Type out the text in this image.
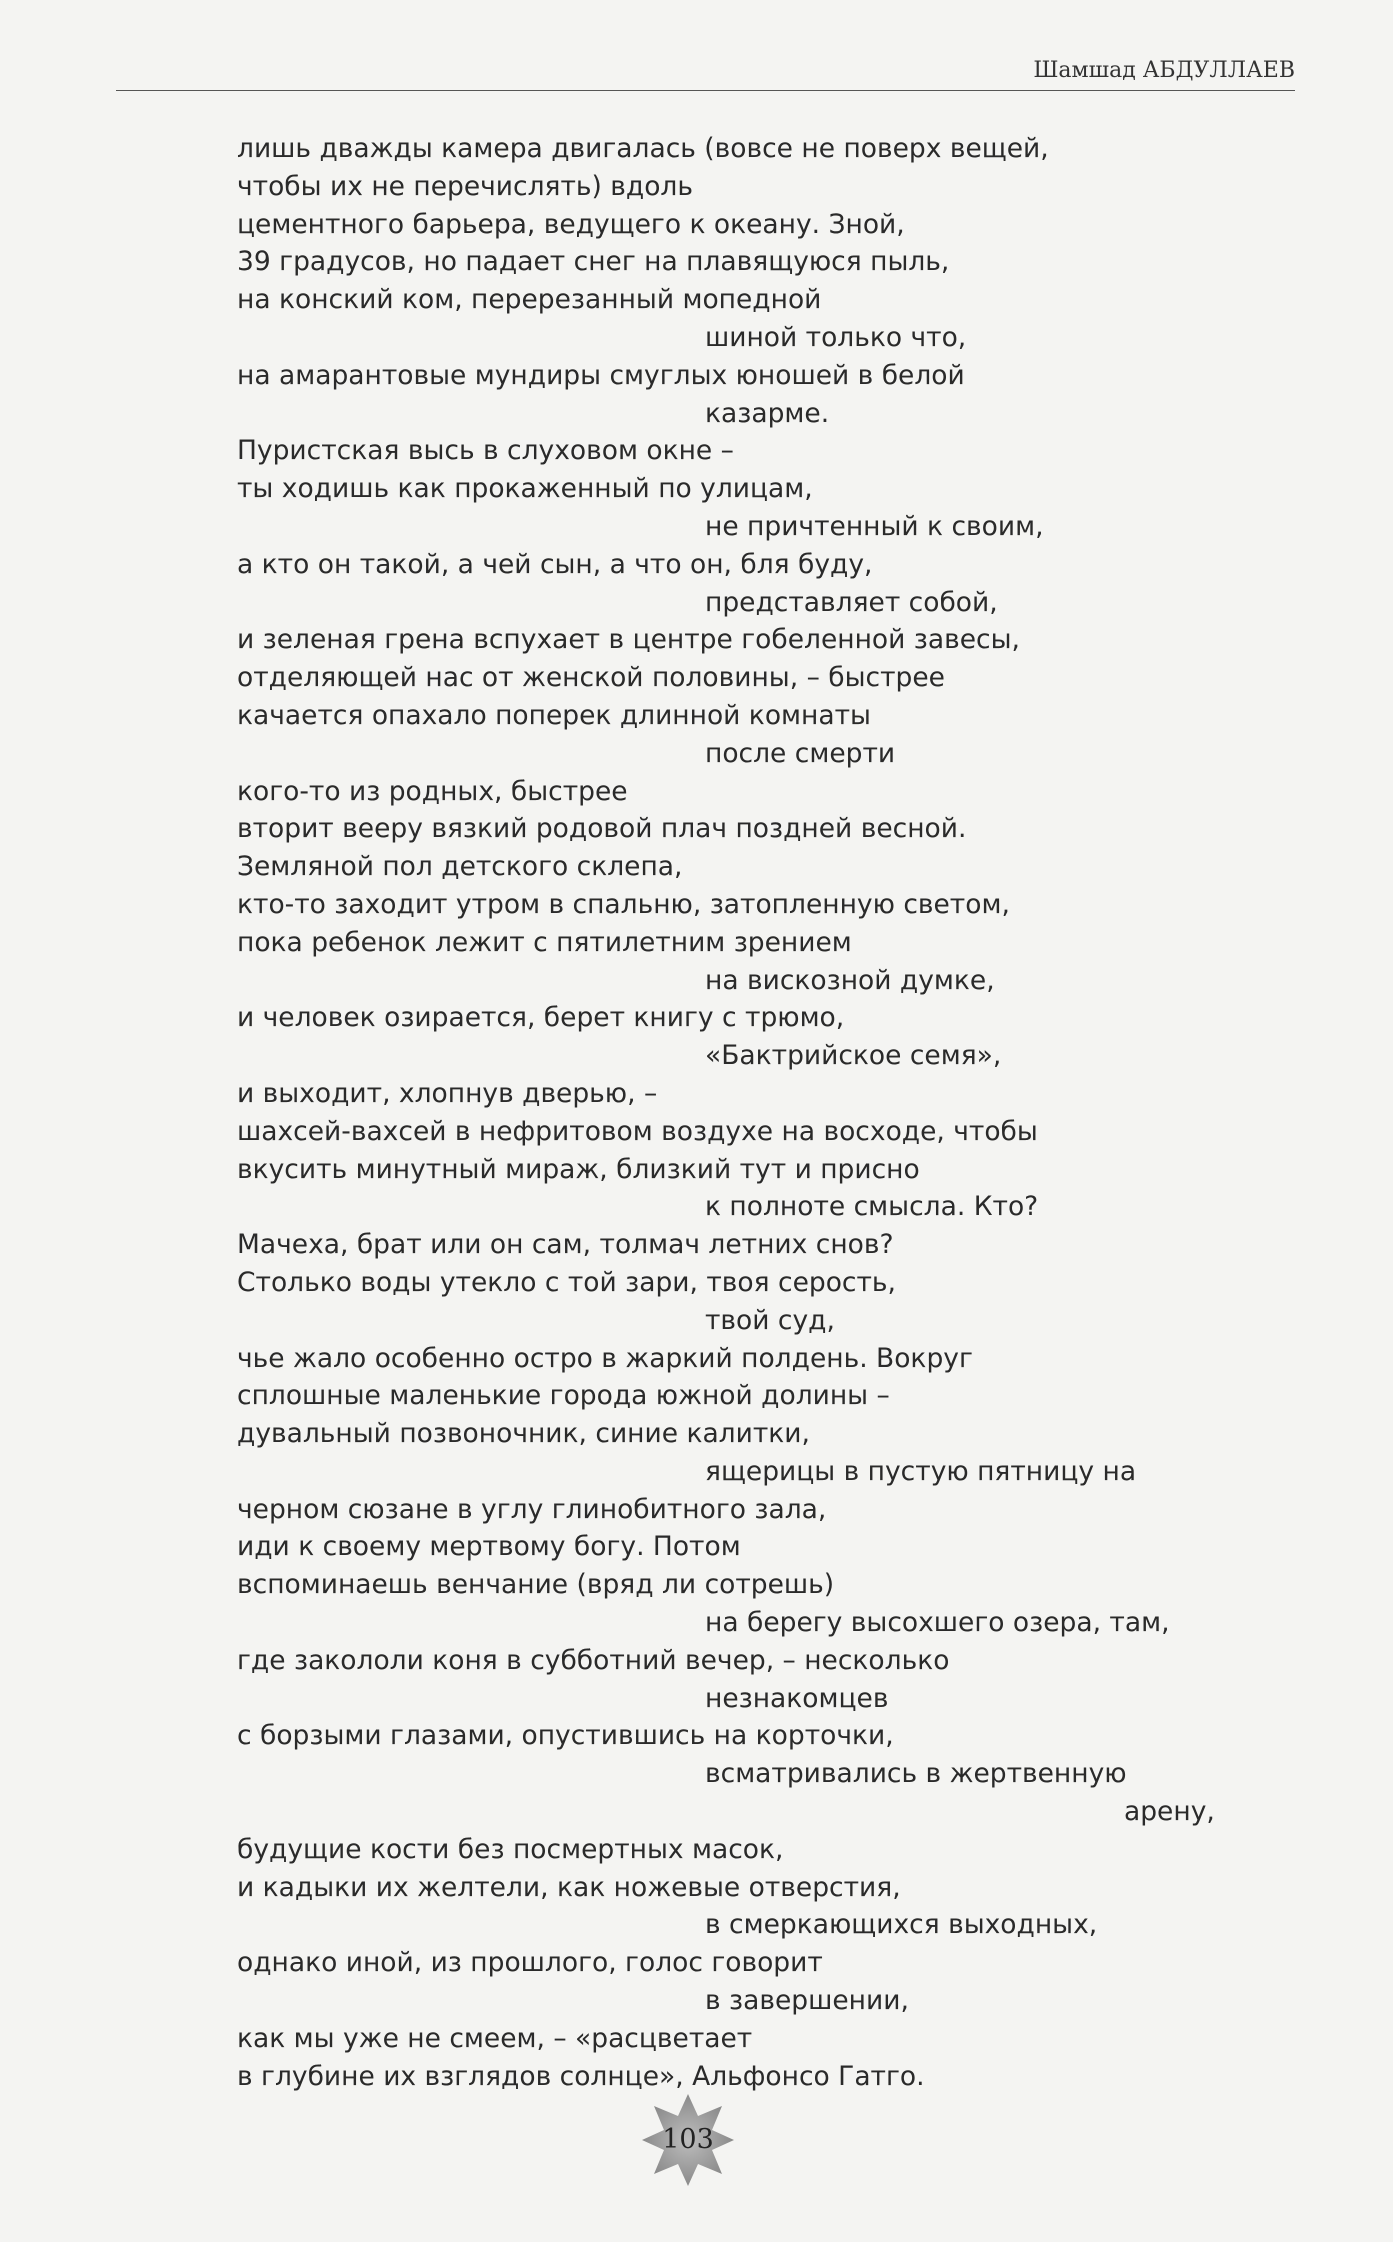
Шамшад АБДУЛЛАЕВ
лишь дважды камера двигалась (вовсе не поверх вещей,
чтобы их не перечислять) вдоль
цементного барьера, ведущего к океану. Зной,
39 градусов, но падает снег на плавящуюся пыль,
на конский ком, перерезанный мопедной
шиной только что,
на амарантовые мундиры смуглых юношей в белой
казарме.
Пуристская высь в слуховом окне –
ты ходишь как прокаженный по улицам,
не причтенный к своим,
а кто он такой, а чей сын, а что он, бля буду,
представляет собой,
и зеленая грена вспухает в центре гобеленной завесы,
отделяющей нас от женской половины, – быстрее
качается опахало поперек длинной комнаты
после смерти
кого-то из родных, быстрее
вторит вееру вязкий родовой плач поздней весной.
Земляной пол детского склепа,
кто-то заходит утром в спальню, затопленную светом,
пока ребенок лежит с пятилетним зрением
на вискозной думке,
и человек озирается, берет книгу с трюмо,
«Бактрийское семя»,
и выходит, хлопнув дверью, –
шахсей-вахсей в нефритовом воздухе на восходе, чтобы
вкусить минутный мираж, близкий тут и присно
к полноте смысла. Кто?
Мачеха, брат или он сам, толмач летних снов?
Столько воды утекло с той зари, твоя серость,
твой суд,
чье жало особенно остро в жаркий полдень. Вокруг
сплошные маленькие города южной долины –
дувальный позвоночник, синие калитки,
ящерицы в пустую пятницу на
черном сюзане в углу глинобитного зала,
иди к своему мертвому богу. Потом
вспоминаешь венчание (вряд ли сотрешь)
на берегу высохшего озера, там,
где закололи коня в субботний вечер, – несколько
незнакомцев
с борзыми глазами, опустившись на корточки,
всматривались в жертвенную
арену,
будущие кости без посмертных масок,
и кадыки их желтели, как ножевые отверстия,
в смеркающихся выходных,
однако иной, из прошлого, голос говорит
в завершении,
как мы уже не смеем, – «расцветает
в глубине их взглядов солнце», Альфонсо Гатго.
103
